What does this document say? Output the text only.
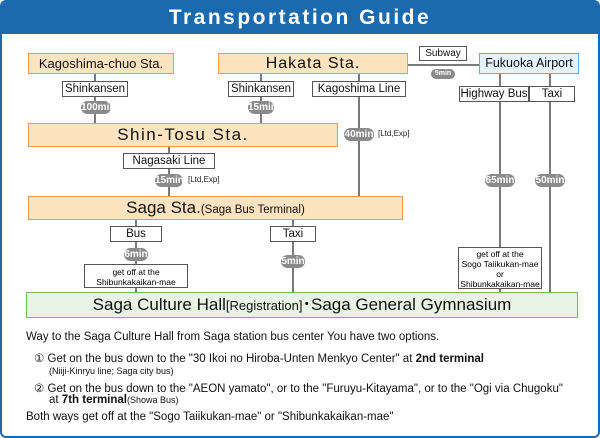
Transportation Guide
Kagoshima-chuo Sta.	Hakata Sta.	Fukuoka Airport
Shin-Tosu Sta.
Saga Sta.(Saga Bus Terminal)
Subway
5min
Shinkansen
100min
Shinkansen
15min
Kagoshima Line
40min [Ltd,Exp]
Highway Bus	Taxi
65min 50min
Nagasaki Line
15min [Ltd,Exp]
Bus
6min
get off at the
Shibunkakaikan-mae
Taxi
5min
get off at the
Sogo Taiikukan-mae
or
Shibunkakaikan-mae
Saga Culture Hall[Registration]･Saga General Gymnasium
Way to the Saga Culture Hall from Saga station bus center You have two options.
① Get on the bus down to the "30 Ikoi no Hiroba-Unten Menkyo Center" at 2nd terminal
(Niiji-Kinryu line; Saga city bus)
② Get on the bus down to the "AEON yamato", or to the "Furuyu-Kitayama", or to the "Ogi via Chugoku"
at 7th terminal(Showa Bus)
Both ways get off at the "Sogo Taiikukan-mae" or "Shibunkakaikan-mae"
